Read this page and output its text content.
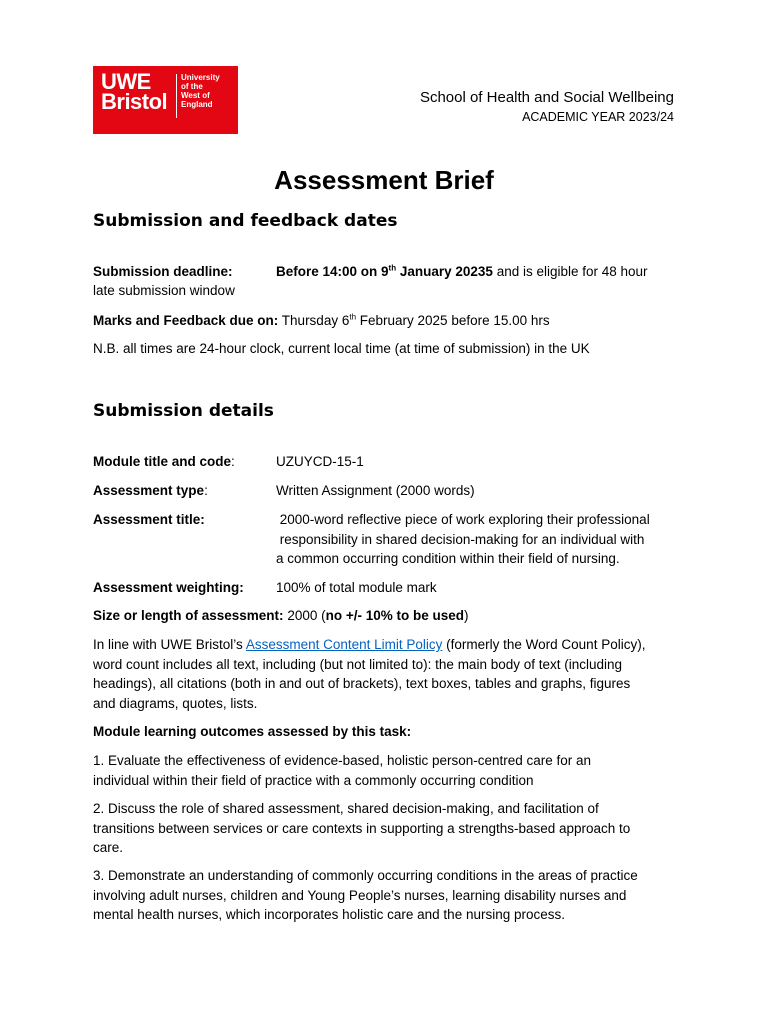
UWE
Bristol
University
of the
West of
England	School of Health and Social Wellbeing
ACADEMIC YEAR 2023/24
Assessment Brief
Submission and feedback dates
Submission deadline:	Before 14:00 on 9th January 20235 and is eligible for 48 hour
late submission window
Marks and Feedback due on: Thursday 6th February 2025 before 15.00 hrs
N.B. all times are 24-hour clock, current local time (at time of submission) in the UK
Submission details
Module title and code:	UZUYCD-15-1
Assessment type:	Written Assignment (2000 words)
Assessment title:	2000-word reflective piece of work exploring their professional
responsibility in shared decision-making for an individual with
a common occurring condition within their field of nursing.
Assessment weighting:	100% of total module mark
Size or length of assessment: 2000 (no +/- 10% to be used)
In line with UWE Bristol’s Assessment Content Limit Policy (formerly the Word Count Policy),
word count includes all text, including (but not limited to): the main body of text (including
headings), all citations (both in and out of brackets), text boxes, tables and graphs, figures
and diagrams, quotes, lists.
Module learning outcomes assessed by this task:
1. Evaluate the effectiveness of evidence-based, holistic person-centred care for an
individual within their field of practice with a commonly occurring condition
2. Discuss the role of shared assessment, shared decision-making, and facilitation of
transitions between services or care contexts in supporting a strengths-based approach to
care.
3. Demonstrate an understanding of commonly occurring conditions in the areas of practice
involving adult nurses, children and Young People’s nurses, learning disability nurses and
mental health nurses, which incorporates holistic care and the nursing process.
